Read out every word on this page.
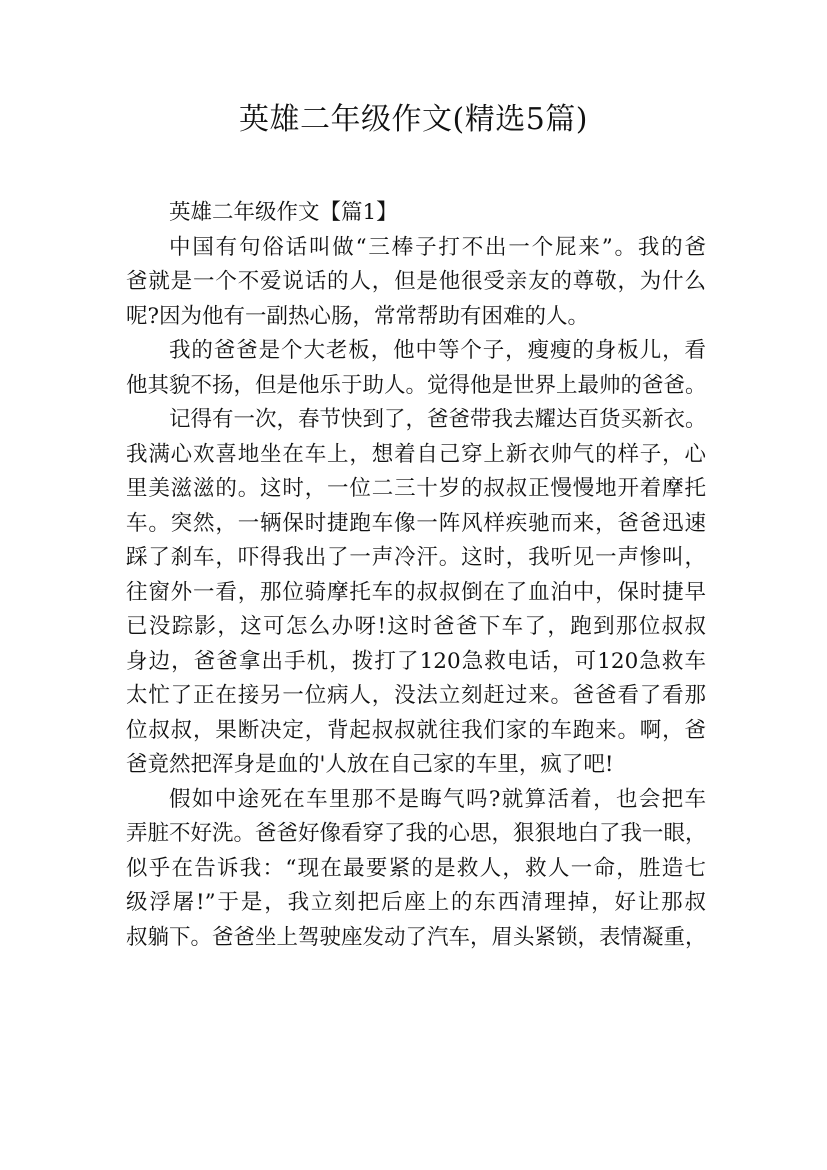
英雄二年级作文(精选5篇)
英雄二年级作文【篇1】
中国有句俗话叫做“三棒子打不出一个屁来”。我的爸
爸就是一个不爱说话的人，但是他很受亲友的尊敬，为什么
呢?因为他有一副热心肠，常常帮助有困难的人。
我的爸爸是个大老板，他中等个子，瘦瘦的身板儿，看
他其貌不扬，但是他乐于助人。觉得他是世界上最帅的爸爸。
记得有一次，春节快到了，爸爸带我去耀达百货买新衣。
我满心欢喜地坐在车上，想着自己穿上新衣帅气的样子，心
里美滋滋的。这时，一位二三十岁的叔叔正慢慢地开着摩托
车。突然，一辆保时捷跑车像一阵风样疾驰而来，爸爸迅速
踩了刹车，吓得我出了一声冷汗。这时，我听见一声惨叫，
往窗外一看，那位骑摩托车的叔叔倒在了血泊中，保时捷早
已没踪影，这可怎么办呀!这时爸爸下车了，跑到那位叔叔
身边，爸爸拿出手机，拨打了120急救电话，可120急救车
太忙了正在接另一位病人，没法立刻赶过来。爸爸看了看那
位叔叔，果断决定，背起叔叔就往我们家的车跑来。啊，爸
爸竟然把浑身是血的'人放在自己家的车里，疯了吧!
假如中途死在车里那不是晦气吗?就算活着，也会把车
弄脏不好洗。爸爸好像看穿了我的心思，狠狠地白了我一眼，
似乎在告诉我：“现在最要紧的是救人，救人一命，胜造七
级浮屠!”于是，我立刻把后座上的东西清理掉，好让那叔
叔躺下。爸爸坐上驾驶座发动了汽车，眉头紧锁，表情凝重，
